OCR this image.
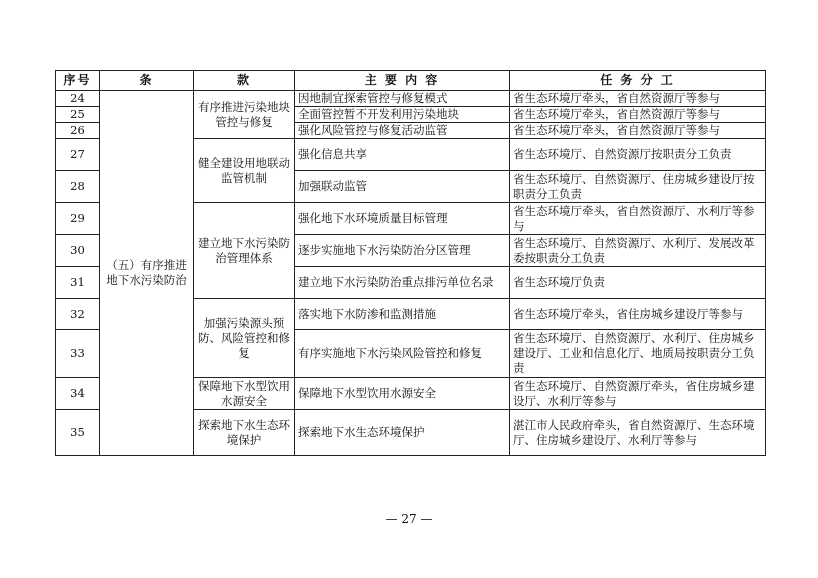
序号	条	款	主 要 内 容	任 务 分 工
24	（五）有序推进地下水污染防治	有序推进污染地块管控与修复	因地制宜探索管控与修复模式	省生态环境厅牵头，省自然资源厅等参与
25			全面管控暂不开发利用污染地块	省生态环境厅牵头，省自然资源厅等参与
26			强化风险管控与修复活动监管	省生态环境厅牵头，省自然资源厅等参与
27		健全建设用地联动监管机制	强化信息共享	省生态环境厅、自然资源厅按职责分工负责
28			加强联动监管	省生态环境厅、自然资源厅、住房城乡建设厅按职责分工负责
29		建立地下水污染防治管理体系	强化地下水环境质量目标管理	省生态环境厅牵头，省自然资源厅、水利厅等参与
30			逐步实施地下水污染防治分区管理	省生态环境厅、自然资源厅、水利厅、发展改革委按职责分工负责
31			建立地下水污染防治重点排污单位名录	省生态环境厅负责
32		加强污染源头预防、风险管控和修复	落实地下水防渗和监测措施	省生态环境厅牵头，省住房城乡建设厅等参与
33			有序实施地下水污染风险管控和修复	省生态环境厅、自然资源厅、水利厅、住房城乡建设厅、工业和信息化厅、地质局按职责分工负责
34		保障地下水型饮用水源安全	保障地下水型饮用水源安全	省生态环境厅、自然资源厅牵头，省住房城乡建设厅、水利厅等参与
35		探索地下水生态环境保护	探索地下水生态环境保护	湛江市人民政府牵头，省自然资源厅、生态环境厅、住房城乡建设厅、水利厅等参与
— 27 —
